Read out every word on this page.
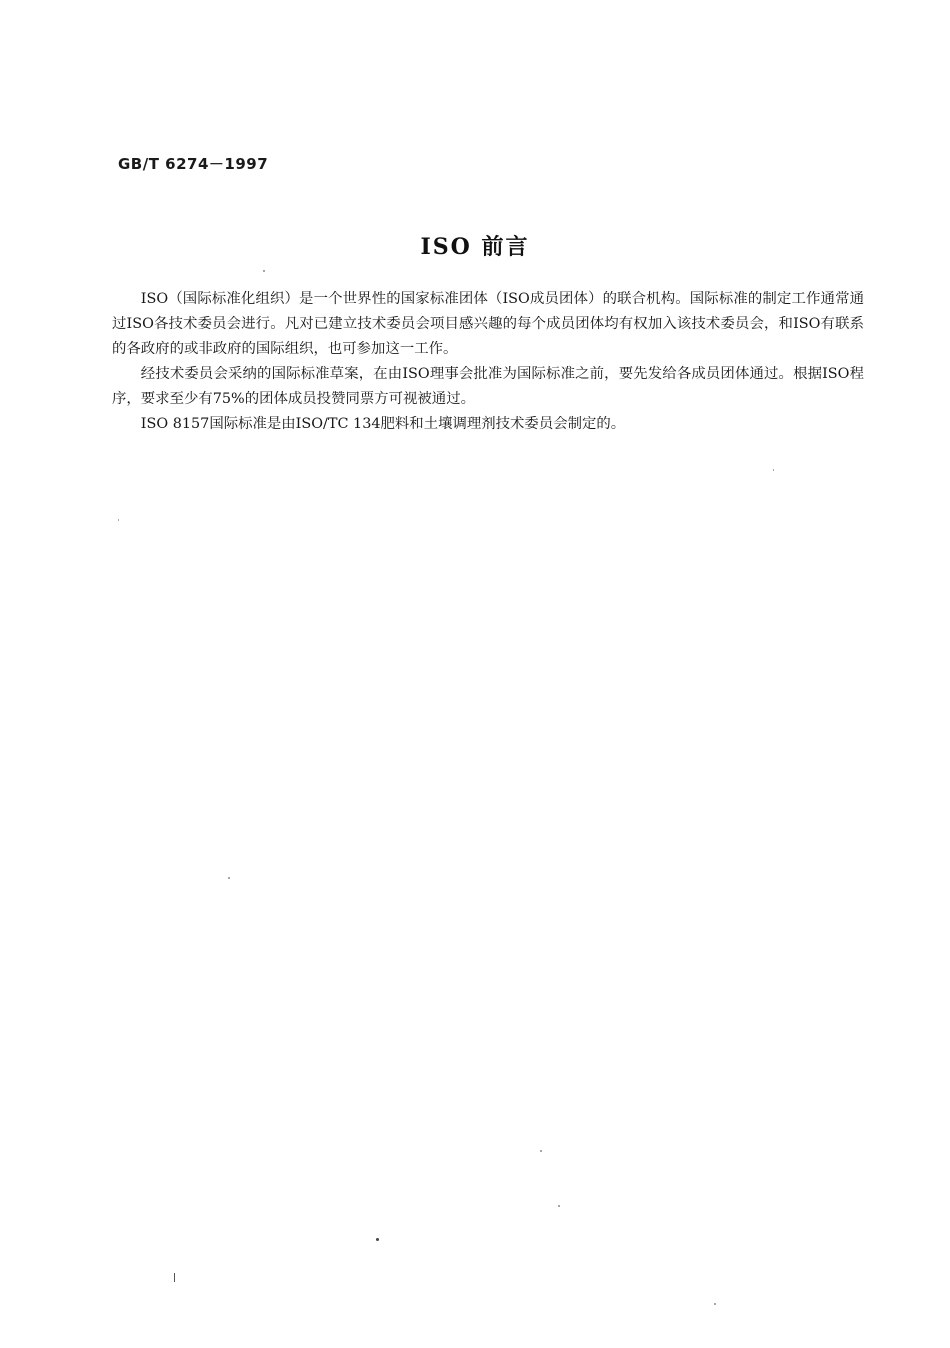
GB/T 6274－1997
ISO 前言

ISO（国际标准化组织）是一个世界性的国家标准团体（ISO成员团体）的联合机构。国际标准的制定工作通常通过ISO各技术委员会进行。凡对已建立技术委员会项目感兴趣的每个成员团体均有权加入该技术委员会，和ISO有联系的各政府的或非政府的国际组织，也可参加这一工作。

经技术委员会采纳的国际标准草案，在由ISO理事会批准为国际标准之前，要先发给各成员团体通过。根据ISO程序，要求至少有75%的团体成员投赞同票方可视被通过。

ISO 8157国际标准是由ISO/TC 134肥料和土壤调理剂技术委员会制定的。
